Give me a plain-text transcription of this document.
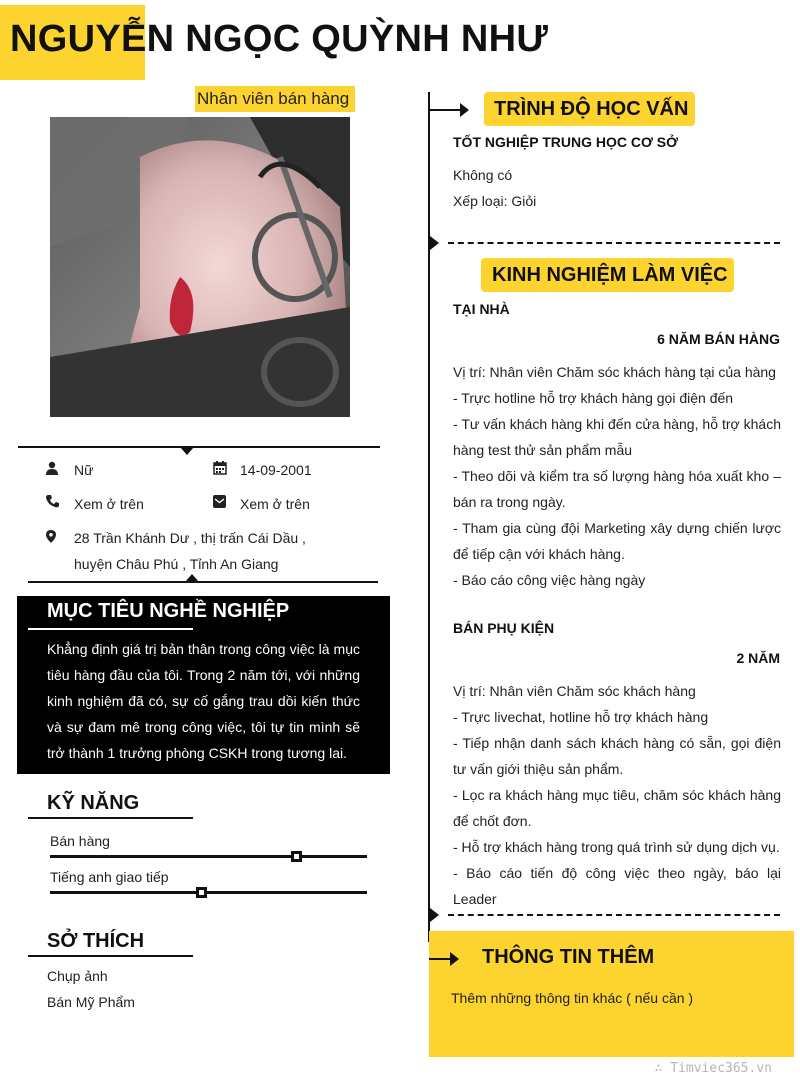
NGUYỄN NGỌC QUỲNH NHƯ
Nhân viên bán hàng
Nữ	14-09-2001
Xem ở trên	Xem ở trên
28 Trần Khánh Dư , thị trấn Cái Dầu ,
huyện Châu Phú , Tỉnh An Giang
MỤC TIÊU NGHỀ NGHIỆP
Khẳng định giá trị bản thân trong công việc là mục tiêu hàng đầu của tôi. Trong 2 năm tới, với những kinh nghiệm đã có, sự cố gắng trau dồi kiến thức và sự đam mê trong công việc, tôi tự tin mình sẽ trở thành 1 trưởng phòng CSKH trong tương lai.
KỸ NĂNG
Bán hàng
Tiếng anh giao tiếp
SỞ THÍCH
Chụp ảnh
Bán Mỹ Phẩm
TRÌNH ĐỘ HỌC VẤN
TỐT NGHIỆP TRUNG HỌC CƠ SỞ
Không có
Xếp loại: Giỏi
KINH NGHIỆM LÀM VIỆC
TẠI NHÀ
6 NĂM BÁN HÀNG
Vị trí: Nhân viên Chăm sóc khách hàng tại của hàng
- Trực hotline hỗ trợ khách hàng gọi điện đến
- Tư vấn khách hàng khi đến cửa hàng, hỗ trợ khách hàng test thử sản phẩm mẫu
- Theo dõi và kiểm tra số lượng hàng hóa xuất kho – bán ra trong ngày.
- Tham gia cùng đội Marketing xây dựng chiến lược để tiếp cận với khách hàng.
- Báo cáo công việc hàng ngày
BÁN PHỤ KIỆN
2 NĂM
Vị trí: Nhân viên Chăm sóc khách hàng
- Trực livechat, hotline hỗ trợ khách hàng
- Tiếp nhận danh sách khách hàng có sẵn, gọi điện tư vấn giới thiệu sản phẩm.
- Lọc ra khách hàng mục tiêu, chăm sóc khách hàng để chốt đơn.
- Hỗ trợ khách hàng trong quá trình sử dụng dịch vụ.
- Báo cáo tiến độ công việc theo ngày, báo lại Leader
THÔNG TIN THÊM
Thêm những thông tin khác ( nếu cần )
∴ Timviec365.vn
